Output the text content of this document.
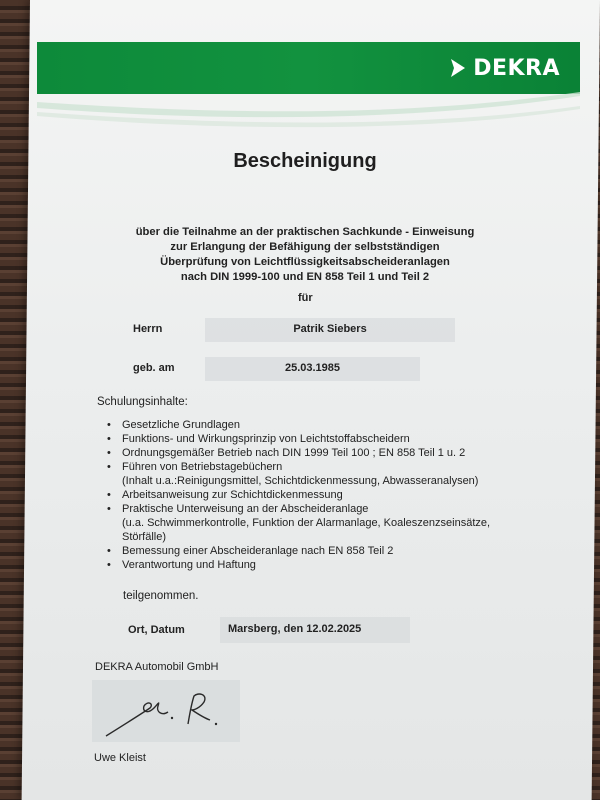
DEKRA
Bescheinigung
über die Teilnahme an der praktischen Sachkunde - Einweisung
zur Erlangung der Befähigung der selbstständigen
Überprüfung von Leichtflüssigkeitsabscheideranlagen
nach DIN 1999-100 und EN 858 Teil 1 und Teil 2
für
Herrn	Patrik Siebers
geb. am	25.03.1985
Schulungsinhalte:
• Gesetzliche Grundlagen
• Funktions- und Wirkungsprinzip von Leichtstoffabscheidern
• Ordnungsgemäßer Betrieb nach DIN 1999 Teil 100 ; EN 858 Teil 1 u. 2
• Führen von Betriebstagebüchern
(Inhalt u.a.:Reinigungsmittel, Schichtdickenmessung, Abwasseranalysen)
• Arbeitsanweisung zur Schichtdickenmessung
• Praktische Unterweisung an der Abscheideranlage
(u.a. Schwimmerkontrolle, Funktion der Alarmanlage, Koaleszenzseinsätze,
Störfälle)
• Bemessung einer Abscheideranlage nach EN 858 Teil 2
• Verantwortung und Haftung
teilgenommen.
Ort, Datum	Marsberg, den 12.02.2025
DEKRA Automobil GmbH
Uwe Kleist
